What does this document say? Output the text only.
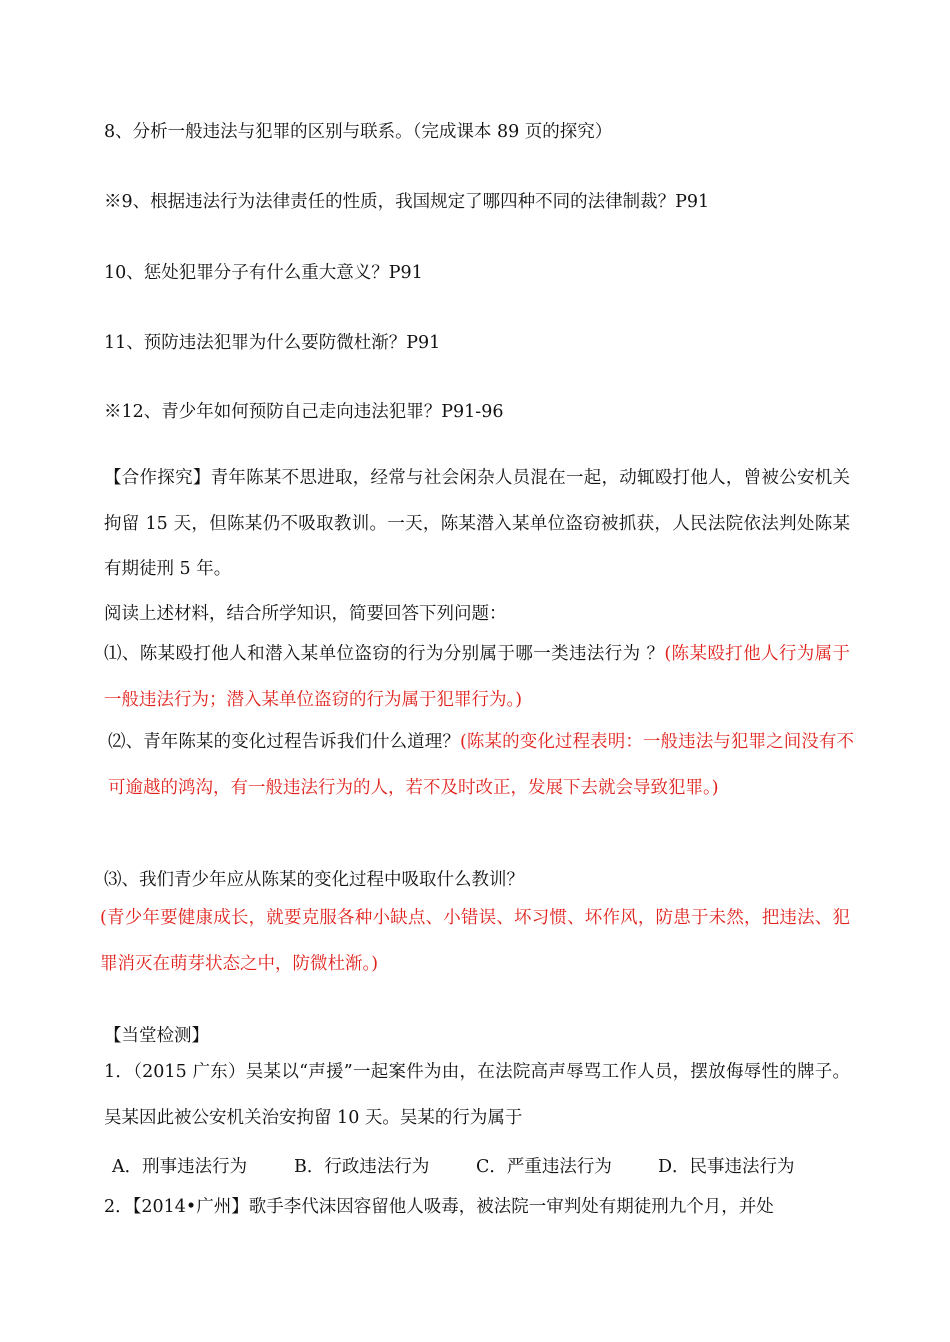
8、分析一般违法与犯罪的区别与联系。（完成课本 89 页的探究）
※9、根据违法行为法律责任的性质，我国规定了哪四种不同的法律制裁？P91
10、惩处犯罪分子有什么重大意义？P91
11、预防违法犯罪为什么要防微杜渐？P91
※12、青少年如何预防自己走向违法犯罪？P91-96
【合作探究】青年陈某不思进取，经常与社会闲杂人员混在一起，动辄殴打他人，曾被公安机关拘留 15 天，但陈某仍不吸取教训。一天，陈某潜入某单位盗窃被抓获，人民法院依法判处陈某有期徒刑 5 年。
阅读上述材料，结合所学知识，简要回答下列问题：
⑴、陈某殴打他人和潜入某单位盗窃的行为分别属于哪一类违法行为 ？(陈某殴打他人行为属于一般违法行为；潜入某单位盗窃的行为属于犯罪行为。)
⑵、青年陈某的变化过程告诉我们什么道理？(陈某的变化过程表明：一般违法与犯罪之间没有不可逾越的鸿沟，有一般违法行为的人，若不及时改正，发展下去就会导致犯罪。)
⑶、我们青少年应从陈某的变化过程中吸取什么教训？
(青少年要健康成长，就要克服各种小缺点、小错误、坏习惯、坏作风，防患于未然，把违法、犯罪消灭在萌芽状态之中，防微杜渐。)
【当堂检测】
1．（2015 广东）吴某以“声援”一起案件为由，在法院高声辱骂工作人员，摆放侮辱性的牌子。吴某因此被公安机关治安拘留 10 天。吴某的行为属于
A．刑事违法行为	B．行政违法行为	C．严重违法行为	D．民事违法行为
2．【2014•广州】歌手李代沫因容留他人吸毒，被法院一审判处有期徒刑九个月，并处
